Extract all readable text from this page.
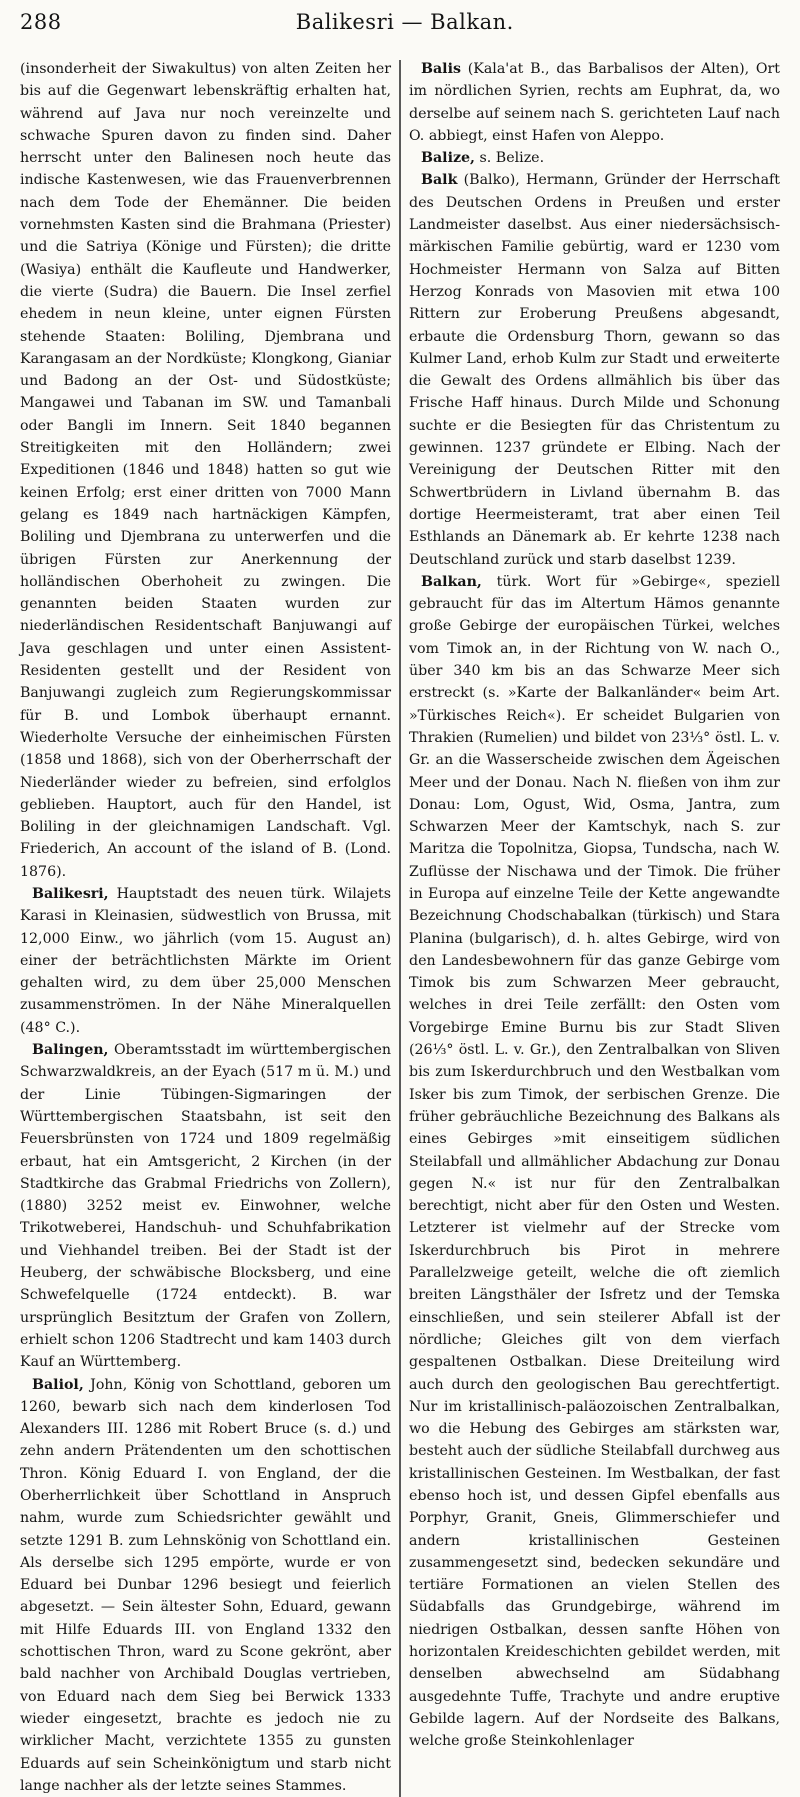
288	Balikesri — Balkan.

(insonderheit der Siwakultus) von alten Zeiten her bis auf die Gegenwart lebenskräftig erhalten hat, während auf Java nur noch vereinzelte und schwache Spuren davon zu finden sind. Daher herrscht unter den Balinesen noch heute das indische Kastenwesen, wie das Frauenverbrennen nach dem Tode der Ehemänner. Die beiden vornehmsten Kasten sind die Brahmana (Priester) und die Satriya (Könige und Fürsten); die dritte (Wasiya) enthält die Kaufleute und Handwerker, die vierte (Sudra) die Bauern. Die Insel zerfiel ehedem in neun kleine, unter eignen Fürsten stehende Staaten: Boliling, Djembrana und Karangasam an der Nordküste; Klongkong, Gianiar und Badong an der Ost- und Südostküste; Mangawei und Tabanan im SW. und Tamanbali oder Bangli im Innern. Seit 1840 begannen Streitigkeiten mit den Holländern; zwei Expeditionen (1846 und 1848) hatten so gut wie keinen Erfolg; erst einer dritten von 7000 Mann gelang es 1849 nach hartnäckigen Kämpfen, Boliling und Djembrana zu unterwerfen und die übrigen Fürsten zur Anerkennung der holländischen Oberhoheit zu zwingen. Die genannten beiden Staaten wurden zur niederländischen Residentschaft Banjuwangi auf Java geschlagen und unter einen Assistent-Residenten gestellt und der Resident von Banjuwangi zugleich zum Regierungskommissar für B. und Lombok überhaupt ernannt. Wiederholte Versuche der einheimischen Fürsten (1858 und 1868), sich von der Oberherrschaft der Niederländer wieder zu befreien, sind erfolglos geblieben. Hauptort, auch für den Handel, ist Boliling in der gleichnamigen Landschaft. Vgl. Friederich, An account of the island of B. (Lond. 1876).

Balikesri, Hauptstadt des neuen türk. Wilajets Karasi in Kleinasien, südwestlich von Brussa, mit 12,000 Einw., wo jährlich (vom 15. August an) einer der beträchtlichsten Märkte im Orient gehalten wird, zu dem über 25,000 Menschen zusammenströmen. In der Nähe Mineralquellen (48° C.).

Balingen, Oberamtsstadt im württembergischen Schwarzwaldkreis, an der Eyach (517 m ü. M.) und der Linie Tübingen-Sigmaringen der Württembergischen Staatsbahn, ist seit den Feuersbrünsten von 1724 und 1809 regelmäßig erbaut, hat ein Amtsgericht, 2 Kirchen (in der Stadtkirche das Grabmal Friedrichs von Zollern), (1880) 3252 meist ev. Einwohner, welche Trikotweberei, Handschuh- und Schuhfabrikation und Viehhandel treiben. Bei der Stadt ist der Heuberg, der schwäbische Blocksberg, und eine Schwefelquelle (1724 entdeckt). B. war ursprünglich Besitztum der Grafen von Zollern, erhielt schon 1206 Stadtrecht und kam 1403 durch Kauf an Württemberg.

Baliol, John, König von Schottland, geboren um 1260, bewarb sich nach dem kinderlosen Tod Alexanders III. 1286 mit Robert Bruce (s. d.) und zehn andern Prätendenten um den schottischen Thron. König Eduard I. von England, der die Oberherrlichkeit über Schottland in Anspruch nahm, wurde zum Schiedsrichter gewählt und setzte 1291 B. zum Lehnskönig von Schottland ein. Als derselbe sich 1295 empörte, wurde er von Eduard bei Dunbar 1296 besiegt und feierlich abgesetzt. — Sein ältester Sohn, Eduard, gewann mit Hilfe Eduards III. von England 1332 den schottischen Thron, ward zu Scone gekrönt, aber bald nachher von Archibald Douglas vertrieben, von Eduard nach dem Sieg bei Berwick 1333 wieder eingesetzt, brachte es jedoch nie zu wirklicher Macht, verzichtete 1355 zu gunsten Eduards auf sein Scheinkönigtum und starb nicht lange nachher als der letzte seines Stammes.

Balis (Kala'at B., das Barbalisos der Alten), Ort im nördlichen Syrien, rechts am Euphrat, da, wo derselbe auf seinem nach S. gerichteten Lauf nach O. abbiegt, einst Hafen von Aleppo.

Balize, s. Belize.

Balk (Balko), Hermann, Gründer der Herrschaft des Deutschen Ordens in Preußen und erster Landmeister daselbst. Aus einer niedersächsisch-märkischen Familie gebürtig, ward er 1230 vom Hochmeister Hermann von Salza auf Bitten Herzog Konrads von Masovien mit etwa 100 Rittern zur Eroberung Preußens abgesandt, erbaute die Ordensburg Thorn, gewann so das Kulmer Land, erhob Kulm zur Stadt und erweiterte die Gewalt des Ordens allmählich bis über das Frische Haff hinaus. Durch Milde und Schonung suchte er die Besiegten für das Christentum zu gewinnen. 1237 gründete er Elbing. Nach der Vereinigung der Deutschen Ritter mit den Schwertbrüdern in Livland übernahm B. das dortige Heermeisteramt, trat aber einen Teil Esthlands an Dänemark ab. Er kehrte 1238 nach Deutschland zurück und starb daselbst 1239.

Balkan, türk. Wort für »Gebirge«, speziell gebraucht für das im Altertum Hämos genannte große Gebirge der europäischen Türkei, welches vom Timok an, in der Richtung von W. nach O., über 340 km bis an das Schwarze Meer sich erstreckt (s. »Karte der Balkanländer« beim Art. »Türkisches Reich«). Er scheidet Bulgarien von Thrakien (Rumelien) und bildet von 23⅓° östl. L. v. Gr. an die Wasserscheide zwischen dem Ägeischen Meer und der Donau. Nach N. fließen von ihm zur Donau: Lom, Ogust, Wid, Osma, Jantra, zum Schwarzen Meer der Kamtschyk, nach S. zur Maritza die Topolnitza, Giopsa, Tundscha, nach W. Zuflüsse der Nischawa und der Timok. Die früher in Europa auf einzelne Teile der Kette angewandte Bezeichnung Chodschabalkan (türkisch) und Stara Planina (bulgarisch), d. h. altes Gebirge, wird von den Landesbewohnern für das ganze Gebirge vom Timok bis zum Schwarzen Meer gebraucht, welches in drei Teile zerfällt: den Osten vom Vorgebirge Emine Burnu bis zur Stadt Sliven (26⅓° östl. L. v. Gr.), den Zentralbalkan von Sliven bis zum Iskerdurchbruch und den Westbalkan vom Isker bis zum Timok, der serbischen Grenze. Die früher gebräuchliche Bezeichnung des Balkans als eines Gebirges »mit einseitigem südlichen Steilabfall und allmählicher Abdachung zur Donau gegen N.« ist nur für den Zentralbalkan berechtigt, nicht aber für den Osten und Westen. Letzterer ist vielmehr auf der Strecke vom Iskerdurchbruch bis Pirot in mehrere Parallelzweige geteilt, welche die oft ziemlich breiten Längsthäler der Isfretz und der Temska einschließen, und sein steilerer Abfall ist der nördliche; Gleiches gilt von dem vierfach gespaltenen Ostbalkan. Diese Dreiteilung wird auch durch den geologischen Bau gerechtfertigt. Nur im kristallinisch-paläozoischen Zentralbalkan, wo die Hebung des Gebirges am stärksten war, besteht auch der südliche Steilabfall durchweg aus kristallinischen Gesteinen. Im Westbalkan, der fast ebenso hoch ist, und dessen Gipfel ebenfalls aus Porphyr, Granit, Gneis, Glimmerschiefer und andern kristallinischen Gesteinen zusammengesetzt sind, bedecken sekundäre und tertiäre Formationen an vielen Stellen des Südabfalls das Grundgebirge, während im niedrigen Ostbalkan, dessen sanfte Höhen von horizontalen Kreideschichten gebildet werden, mit denselben abwechselnd am Südabhang ausgedehnte Tuffe, Trachyte und andre eruptive Gebilde lagern. Auf der Nordseite des Balkans, welche große Steinkohlenlager
